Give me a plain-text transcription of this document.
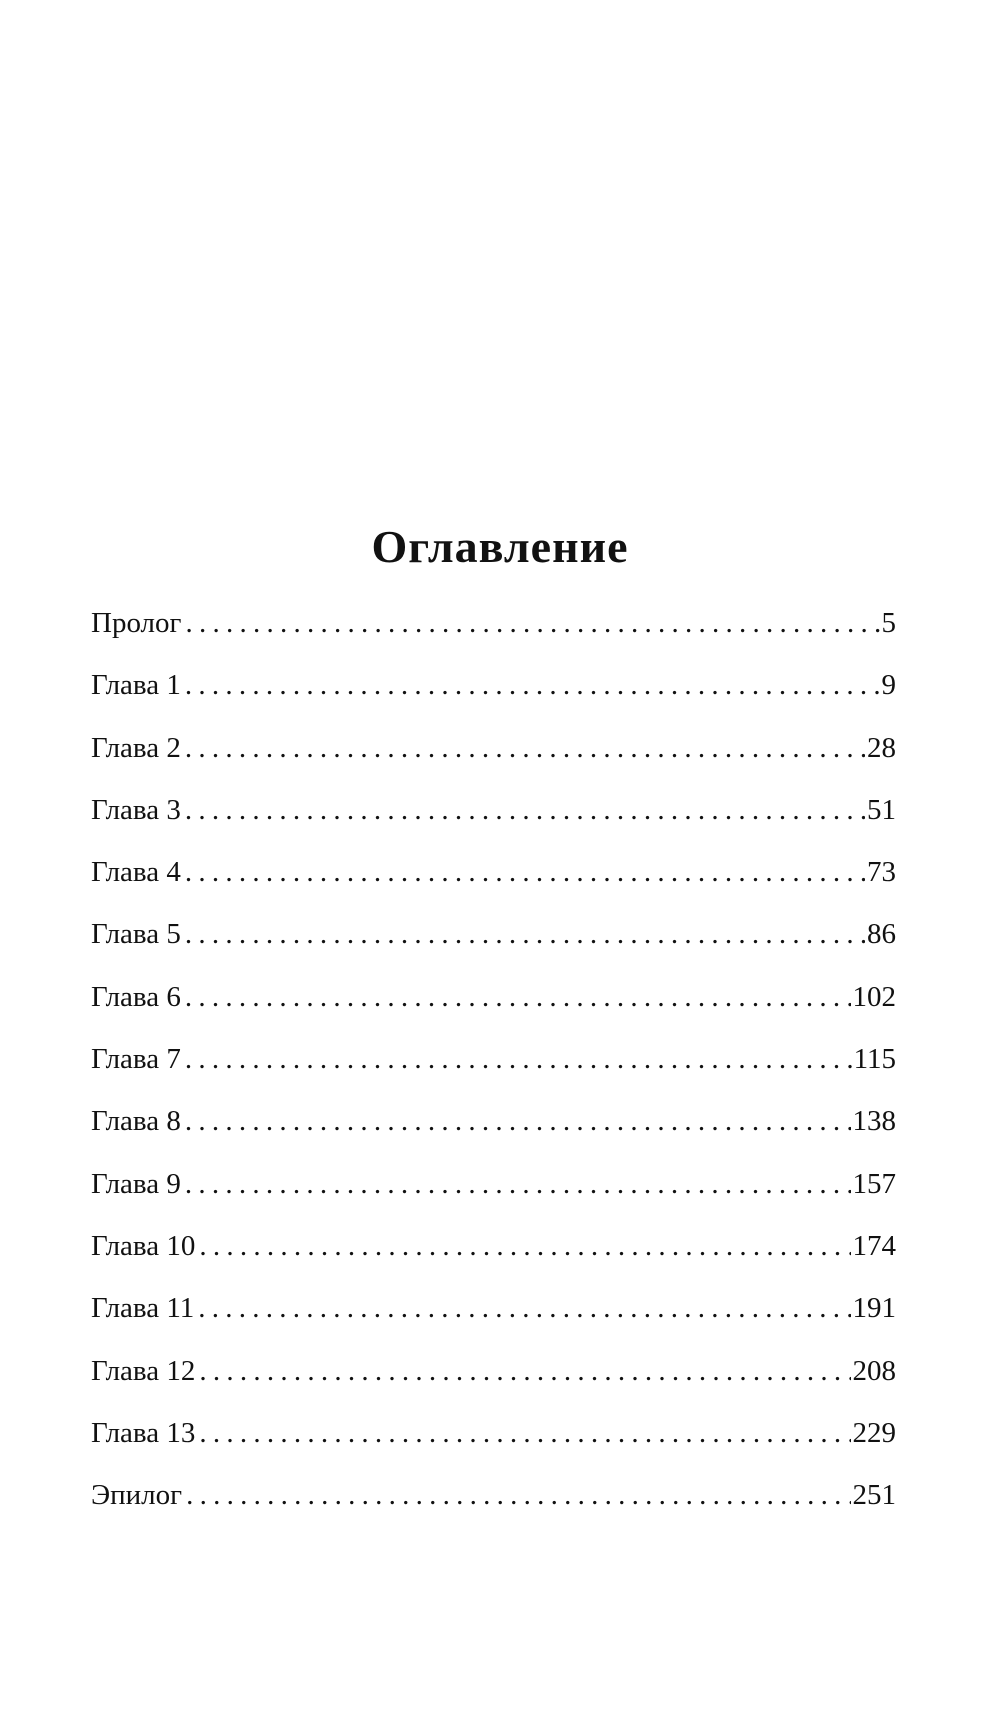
Оглавление
Пролог . . .	5
Глава 1 . . .	9
Глава 2 . . .	28
Глава 3 . . .	51
Глава 4 . . .	73
Глава 5 . . .	86
Глава 6 . . .	102
Глава 7 . . .	115
Глава 8 . . .	138
Глава 9 . . .	157
Глава 10 . . .	174
Глава 11 . . .	191
Глава 12 . . .	208
Глава 13 . . .	229
Эпилог . . .	251
